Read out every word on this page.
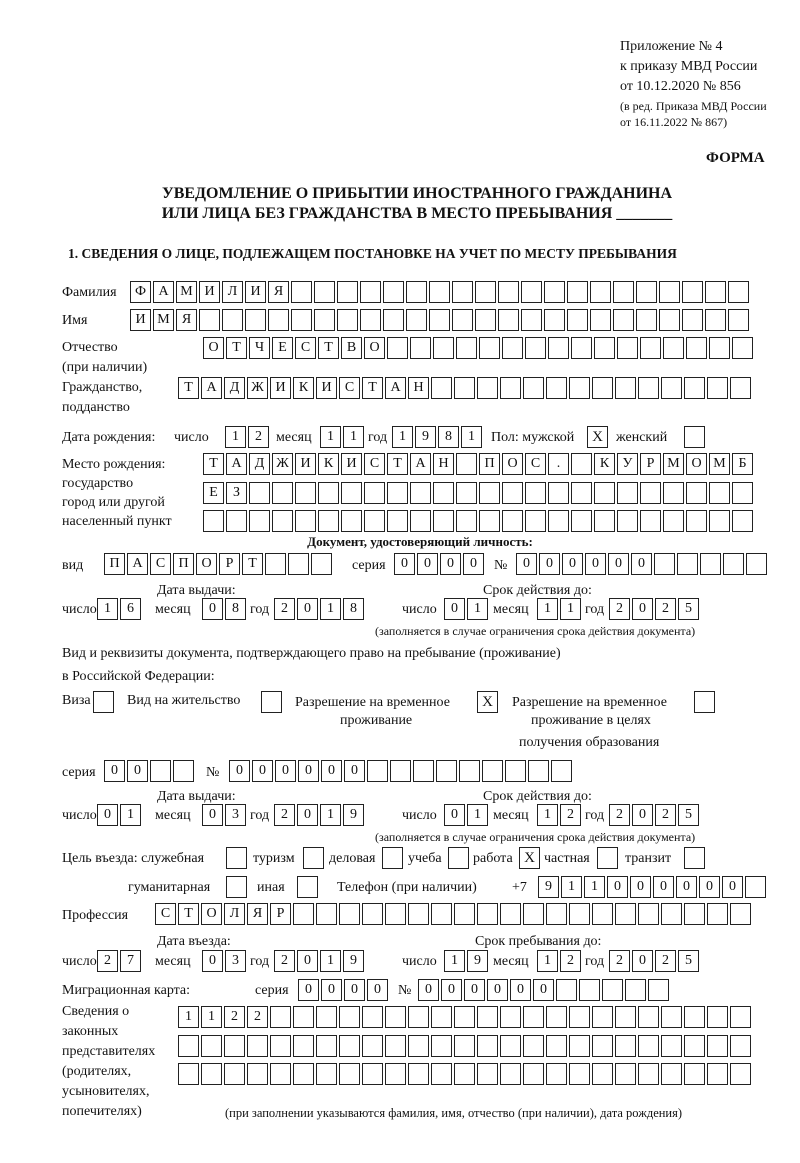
Приложение № 4
к приказу МВД России
от 10.12.2020 № 856
(в ред. Приказа МВД России
от 16.11.2022 № 867)
ФОРМА
УВЕДОМЛЕНИЕ О ПРИБЫТИИ ИНОСТРАННОГО ГРАЖДАНИНА
ИЛИ ЛИЦА БЕЗ ГРАЖДАНСТВА В МЕСТО ПРЕБЫВАНИЯ _______
1. СВЕДЕНИЯ О ЛИЦЕ, ПОДЛЕЖАЩЕМ ПОСТАНОВКЕ НА УЧЕТ ПО МЕСТУ ПРЕБЫВАНИЯ
Фамилия	Ф А М И Л И Я
Имя	И М Я
Отчество
(при наличии)
О Т	Ч	Е	С	Т	В О
Гражданство,
подданство
Т А Д Ж И К И С	Т А Н
Дата рождения: число	1	2	месяц	1	1 год 1	9	8	1	Пол: мужской	X женский
Место рождения:
государство
город или другой
населенный пункт
Т А Д Ж И К И С	Т А Н	П О С	.	К У	Р М О М Б
Е	З
Документ, удостоверяющий личность:
вид	П А С П О	Р	Т	серия	0	0	0	0	№	0	0	0	0	0	0
Дата выдачи:	Срок действия до:
число 1	6	месяц	0	8 год 2	0	1	8	число	0	1 месяц	1	1 год 2	0	2	5
(заполняется в случае ограничения срока действия документа)
Вид и реквизиты документа, подтверждающего право на пребывание (проживание)
в Российской Федерации:
Виза	Вид на жительство	Разрешение на временное
проживание
X	Разрешение на временное
проживание в целях
получения образования
серия	0	0	№	0	0	0	0	0	0
Дата выдачи:	Срок действия до:
число 0	1	месяц	0	3 год 2	0	1	9	число	0	1 месяц	1	2 год 2	0	2	5
(заполняется в случае ограничения срока действия документа)
Цель въезда: служебная	туризм деловая учеба работа X частная	транзит
гуманитарная	иная	Телефон (при наличии)	+7	9	1	1	0	0	0	0	0	0
Профессия	С	Т О Л Я	Р
Дата въезда:	Срок пребывания до:
число 2	7	месяц	0	3 год 2	0	1	9	число	1	9 месяц	1	2 год 2	0	2	5
Миграционная карта:	серия	0	0	0	0	№ 0	0	0	0	0	0
Сведения о
законных
представителях
(родителях,
усыновителях,
попечителях)
1	1	2	2
(при заполнении указываются фамилия, имя, отчество (при наличии), дата рождения)
